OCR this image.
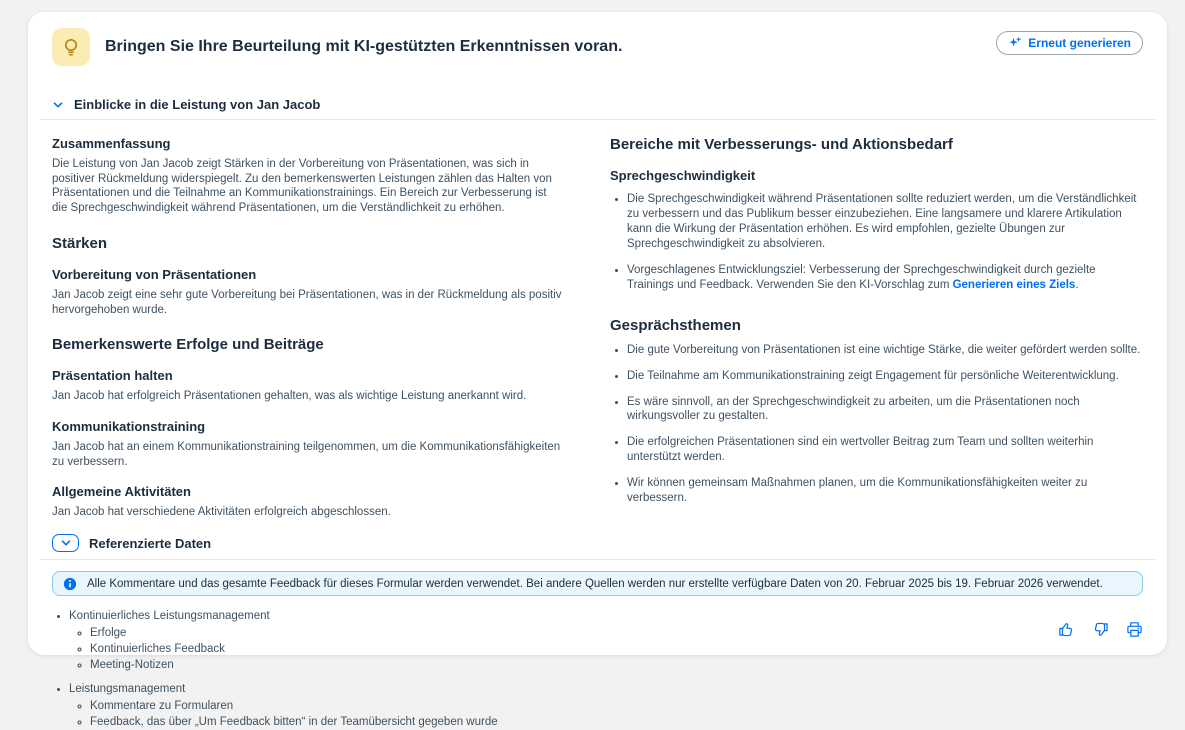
Bringen Sie Ihre Beurteilung mit KI-gestützten Erkenntnissen voran.	Erneut generieren
Einblicke in die Leistung von Jan Jacob
Zusammenfassung

Die Leistung von Jan Jacob zeigt Stärken in der Vorbereitung von Präsentationen, was sich in positiver Rückmeldung widerspiegelt. Zu den bemerkenswerten Leistungen zählen das Halten von Präsentationen und die Teilnahme an Kommunikationstrainings. Ein Bereich zur Verbesserung ist die Sprechgeschwindigkeit während Präsentationen, um die Verständlichkeit zu erhöhen.

Stärken
Vorbereitung von Präsentationen

Jan Jacob zeigt eine sehr gute Vorbereitung bei Präsentationen, was in der Rückmeldung als positiv hervorgehoben wurde.

Bemerkenswerte Erfolge und Beiträge
Präsentation halten

Jan Jacob hat erfolgreich Präsentationen gehalten, was als wichtige Leistung anerkannt wird.

Kommunikationstraining

Jan Jacob hat an einem Kommunikationstraining teilgenommen, um die Kommunikationsfähigkeiten zu verbessern.

Allgemeine Aktivitäten

Jan Jacob hat verschiedene Aktivitäten erfolgreich abgeschlossen.

Bereiche mit Verbesserungs- und Aktionsbedarf
Sprechgeschwindigkeit
• Die Sprechgeschwindigkeit während Präsentationen sollte reduziert werden, um die Verständlichkeit zu verbessern und das Publikum besser einzubeziehen. Eine langsamere und klarere Artikulation kann die Wirkung der Präsentation erhöhen. Es wird empfohlen, gezielte Übungen zur Sprechgeschwindigkeit zu absolvieren.
• Vorgeschlagenes Entwicklungsziel: Verbesserung der Sprechgeschwindigkeit durch gezielte Trainings und Feedback. Verwenden Sie den KI-Vorschlag zum Generieren eines Ziels.
Gesprächsthemen
• Die gute Vorbereitung von Präsentationen ist eine wichtige Stärke, die weiter gefördert werden sollte.
• Die Teilnahme am Kommunikationstraining zeigt Engagement für persönliche Weiterentwicklung.
• Es wäre sinnvoll, an der Sprechgeschwindigkeit zu arbeiten, um die Präsentationen noch wirkungsvoller zu gestalten.
• Die erfolgreichen Präsentationen sind ein wertvoller Beitrag zum Team und sollten weiterhin unterstützt werden.
• Wir können gemeinsam Maßnahmen planen, um die Kommunikationsfähigkeiten weiter zu verbessern.
Referenzierte Daten
Alle Kommentare und das gesamte Feedback für dieses Formular werden verwendet. Bei andere Quellen werden nur erstellte verfügbare Daten von 20. Februar 2025 bis 19. Februar 2026 verwendet.
• Kontinuierliches Leistungsmanagement
◦ Erfolge
◦ Kontinuierliches Feedback
◦ Meeting-Notizen
• Leistungsmanagement
◦ Kommentare zu Formularen
◦ Feedback, das über „Um Feedback bitten“ in der Teamübersicht gegeben wurde
